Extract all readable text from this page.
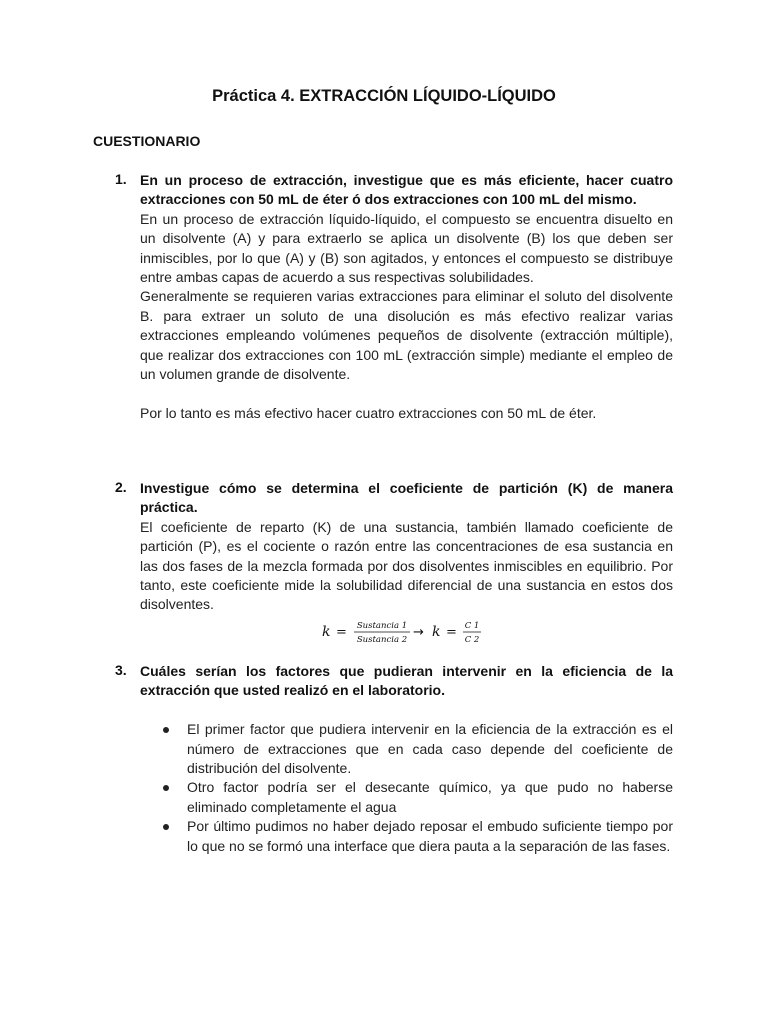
Práctica 4. EXTRACCIÓN LÍQUIDO-LÍQUIDO
CUESTIONARIO
1. En un proceso de extracción, investigue que es más eficiente, hacer cuatro extracciones con 50 mL de éter ó dos extracciones con 100 mL del mismo.

En un proceso de extracción líquido-líquido, el compuesto se encuentra disuelto en un disolvente (A) y para extraerlo se aplica un disolvente (B) los que deben ser inmiscibles, por lo que (A) y (B) son agitados, y entonces el compuesto se distribuye entre ambas capas de acuerdo a sus respectivas solubilidades.

Generalmente se requieren varias extracciones para eliminar el soluto del disolvente B. para extraer un soluto de una disolución es más efectivo realizar varias extracciones empleando volúmenes pequeños de disolvente (extracción múltiple), que realizar dos extracciones con 100 mL (extracción simple) mediante el empleo de un volumen grande de disolvente.

Por lo tanto es más efectivo hacer cuatro extracciones con 50 mL de éter.

2. Investigue cómo se determina el coeficiente de partición (K) de manera práctica.

El coeficiente de reparto (K) de una sustancia, también llamado coeficiente de partición (P), es el cociente o razón entre las concentraciones de esa sustancia en las dos fases de la mezcla formada por dos disolventes inmiscibles en equilibrio. Por tanto, este coeficiente mide la solubilidad diferencial de una sustancia en estos dos disolventes.

k = Sustancia 1
Sustancia 2 → k = C 1
C 2
3. Cuáles serían los factores que pudieran intervenir en la eficiencia de la extracción que usted realizó en el laboratorio.

El primer factor que pudiera intervenir en la eficiencia de la extracción es el número de extracciones que en cada caso depende del coeficiente de distribución del disolvente.

Otro factor podría ser el desecante químico, ya que pudo no haberse eliminado completamente el agua

Por último pudimos no haber dejado reposar el embudo suficiente tiempo por lo que no se formó una interface que diera pauta a la separación de las fases.
